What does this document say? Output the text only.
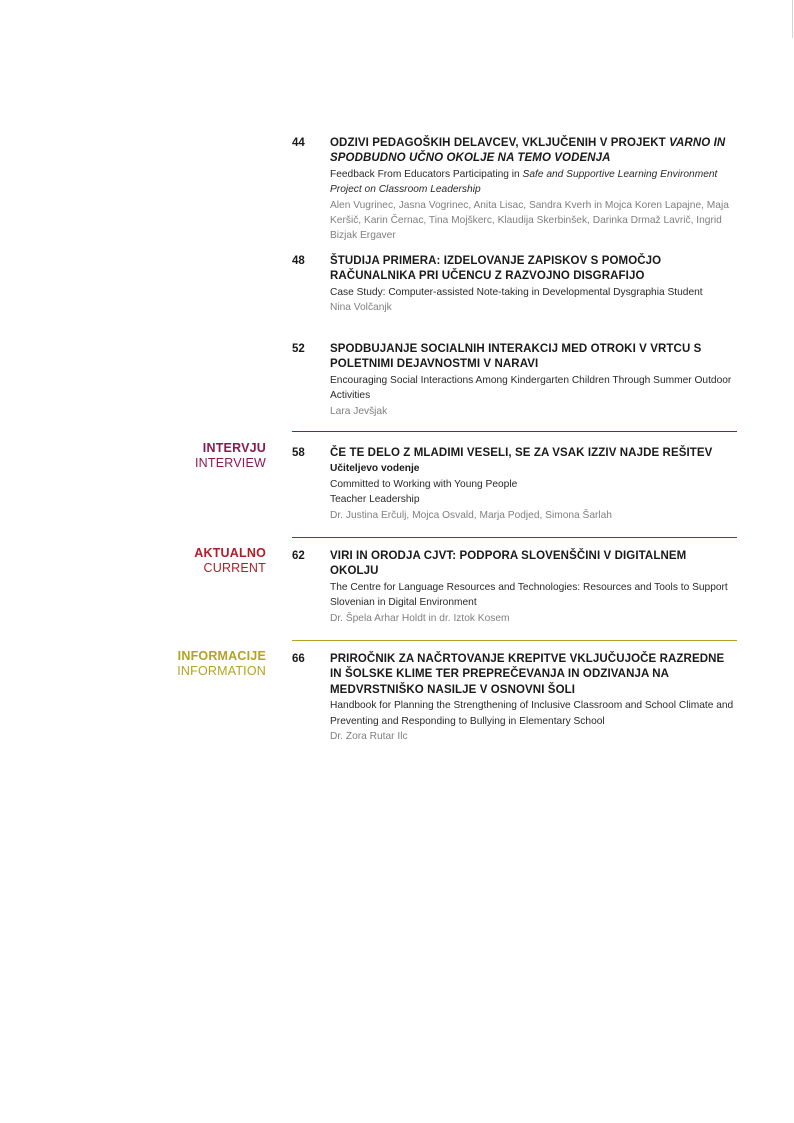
44 ODZIVI PEDAGOŠKIH DELAVCEV, VKLJUČENIH V PROJEKT VARNO IN SPODBUDNO UČNO OKOLJE NA TEMO VODENJA
Feedback From Educators Participating in Safe and Supportive Learning Environment Project on Classroom Leadership
Alen Vugrinec, Jasna Vogrinec, Anita Lisac, Sandra Kverh in Mojca Koren Lapajne, Maja Keršič, Karin Černac, Tina Mojškerc, Klaudija Skerbinšek, Darinka Drmaž Lavrič, Ingrid Bizjak Ergaver
48 ŠTUDIJA PRIMERA: IZDELOVANJE ZAPISKOV S POMOČJO RAČUNALNIKA PRI UČENCU Z RAZVOJNO DISGRAFIJO
Case Study: Computer-assisted Note-taking in Developmental Dysgraphia Student
Nina Volčanjk
52 SPODBUJANJE SOCIALNIH INTERAKCIJ MED OTROKI V VRTCU S POLETNIMI DEJAVNOSTMI V NARAVI
Encouraging Social Interactions Among Kindergarten Children Through Summer Outdoor Activities
Lara Jevšjak
INTERVJU
INTERVIEW
58 ČE TE DELO Z MLADIMI VESELI, SE ZA VSAK IZZIV NAJDE REŠITEV
Učiteljevo vodenje
Committed to Working with Young People
Teacher Leadership
Dr. Justina Erčulj, Mojca Osvald, Marja Podjed, Simona Šarlah
AKTUALNO
CURRENT
62 VIRI IN ORODJA CJVT: PODPORA SLOVENŠČINI V DIGITALNEM OKOLJU
The Centre for Language Resources and Technologies: Resources and Tools to Support Slovenian in Digital Environment
Dr. Špela Arhar Holdt in dr. Iztok Kosem
INFORMACIJE
INFORMATION
66 PRIROČNIK ZA NAČRTOVANJE KREPITVE VKLJUČUJOČE RAZREDNE IN ŠOLSKE KLIME TER PREPREČEVANJA IN ODZIVANJA NA MEDVRSTNIŠKO NASILJE V OSNOVNI ŠOLI
Handbook for Planning the Strengthening of Inclusive Classroom and School Climate and Preventing and Responding to Bullying in Elementary School
Dr. Zora Rutar Ilc
